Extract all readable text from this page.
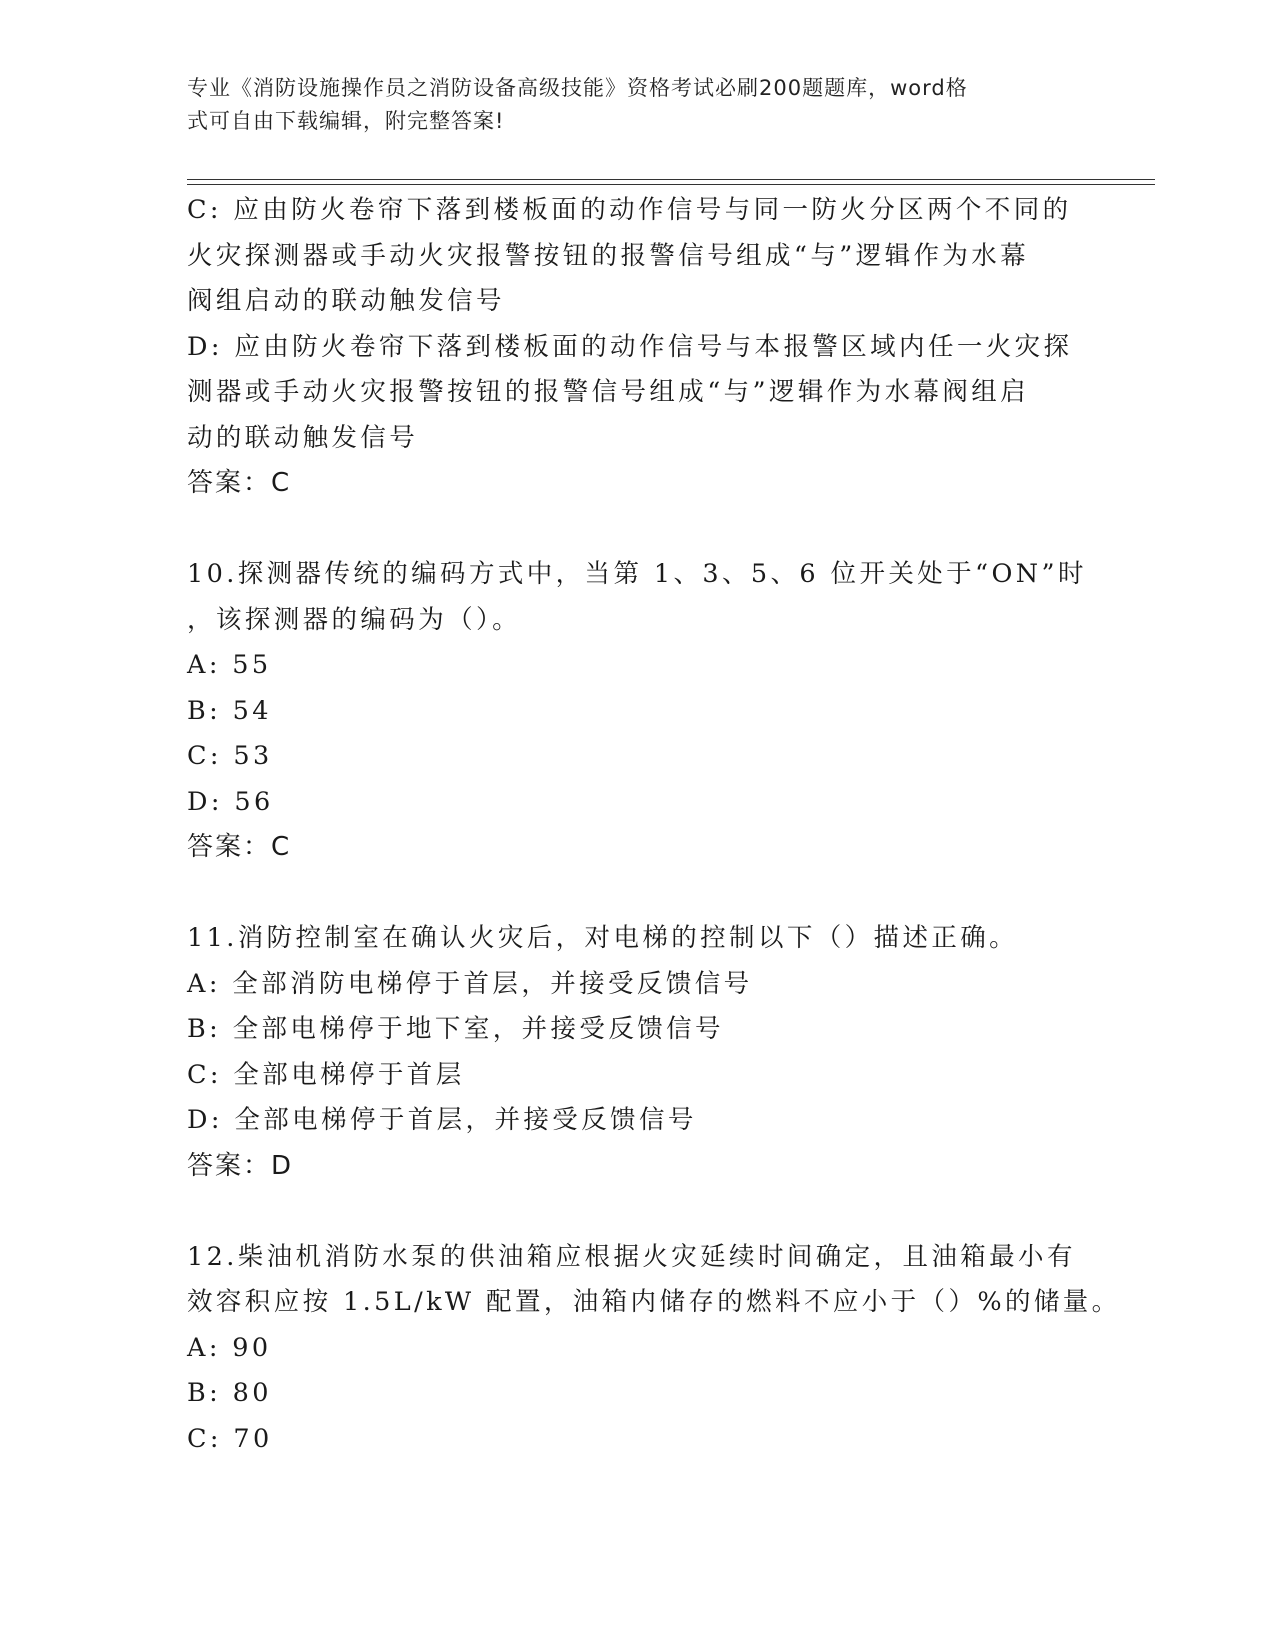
专业《消防设施操作员之消防设备高级技能》资格考试必刷200题题库，word格
式可自由下载编辑，附完整答案!
C: 应由防火卷帘下落到楼板面的动作信号与同一防火分区两个不同的
火灾探测器或手动火灾报警按钮的报警信号组成“与”逻辑作为水幕
阀组启动的联动触发信号
D: 应由防火卷帘下落到楼板面的动作信号与本报警区域内任一火灾探
测器或手动火灾报警按钮的报警信号组成“与”逻辑作为水幕阀组启
动的联动触发信号
答案：C
10.探测器传统的编码方式中，当第 1、3、5、6 位开关处于“ON”时
，该探测器的编码为（）。
A: 55
B: 54
C: 53
D: 56
答案：C
11.消防控制室在确认火灾后，对电梯的控制以下（）描述正确。
A: 全部消防电梯停于首层，并接受反馈信号
B: 全部电梯停于地下室，并接受反馈信号
C: 全部电梯停于首层
D: 全部电梯停于首层，并接受反馈信号
答案：D
12.柴油机消防水泵的供油箱应根据火灾延续时间确定，且油箱最小有
效容积应按 1.5L/kW 配置，油箱内储存的燃料不应小于（）%的储量。
A: 90
B: 80
C: 70
